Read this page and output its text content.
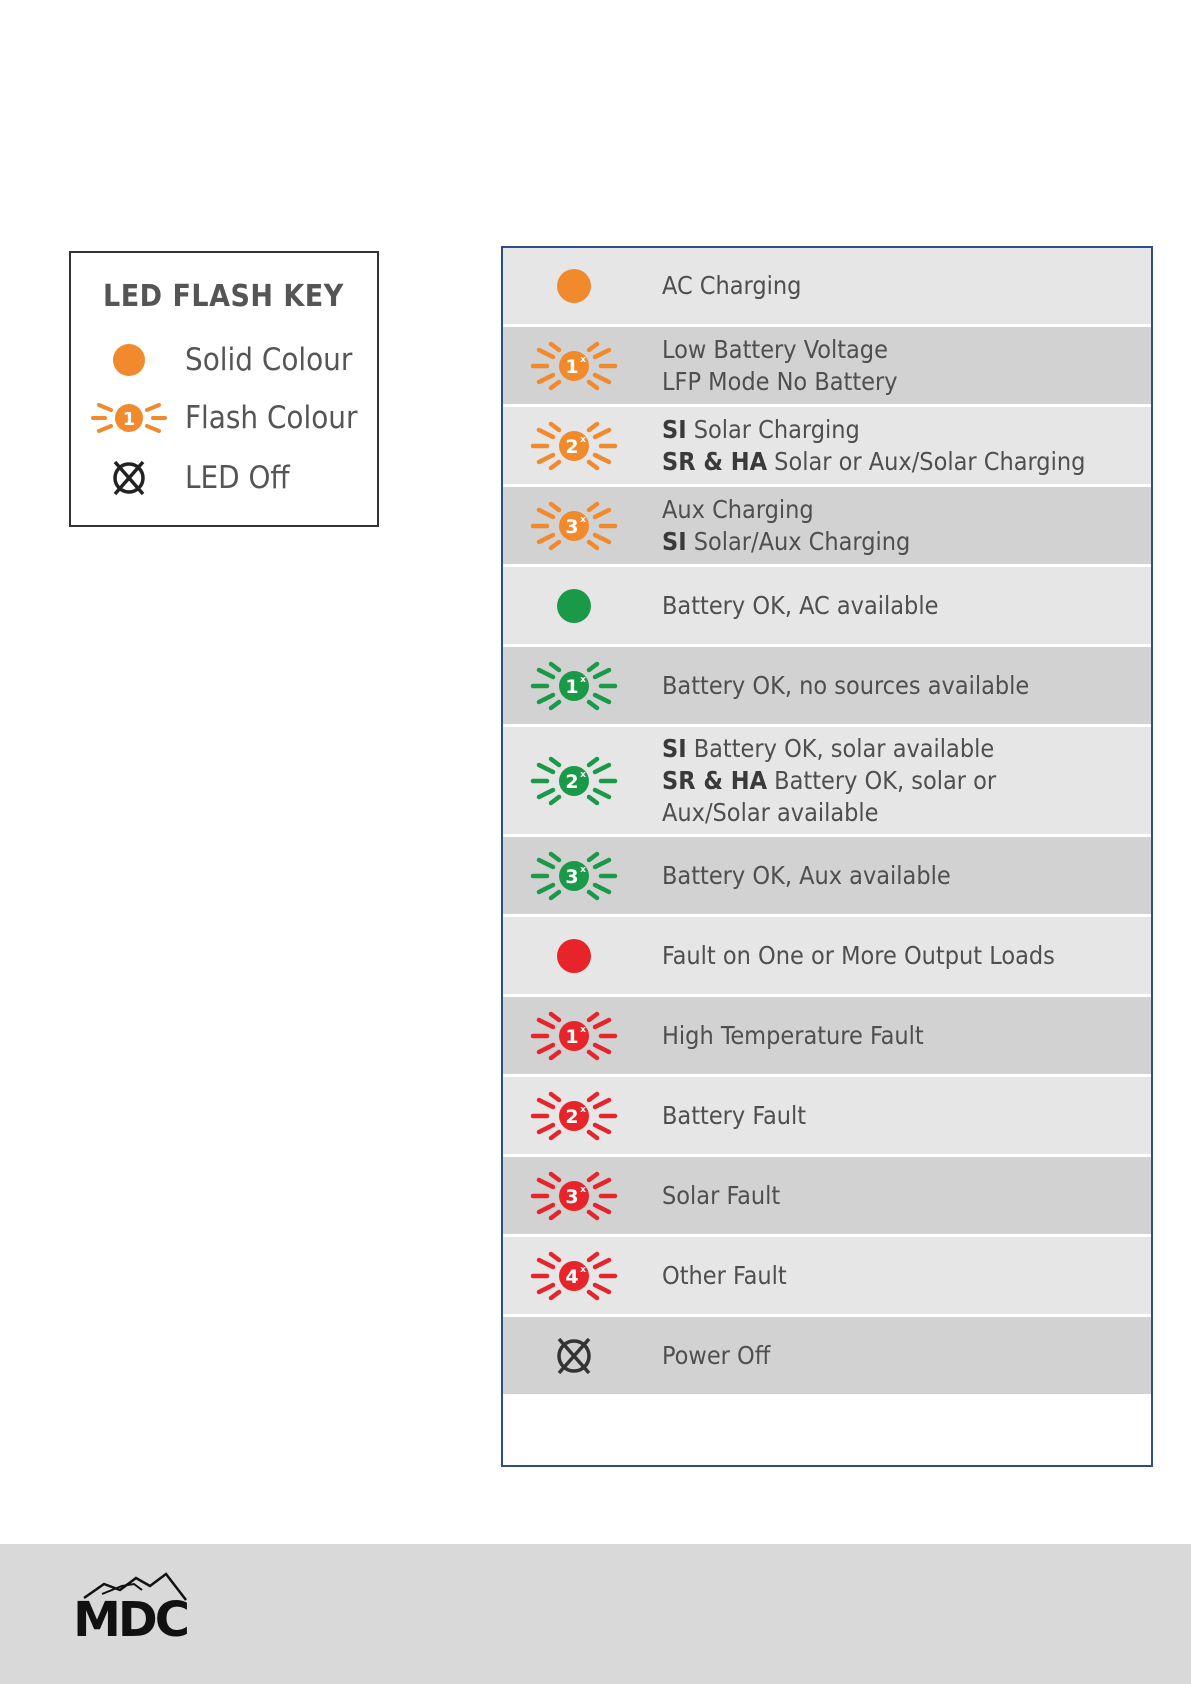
LED FLASH KEY
Solid Colour
1 Flash Colour
LED Off
AC Charging
1 x	Low Battery Voltage
LFP Mode No Battery
2 x	SI Solar Charging
SR & HA Solar or Aux/Solar Charging
3 x	Aux Charging
SI Solar/Aux Charging
Battery OK, AC available
1 x	Battery OK, no sources available
2 x
SI Battery OK, solar available
SR & HA Battery OK, solar or
Aux/Solar available
3 x	Battery OK, Aux available
Fault on One or More Output Loads
1 x	High Temperature Fault
2 x	Battery Fault
3 x	Solar Fault
4 x	Other Fault
Power Off
MDC
